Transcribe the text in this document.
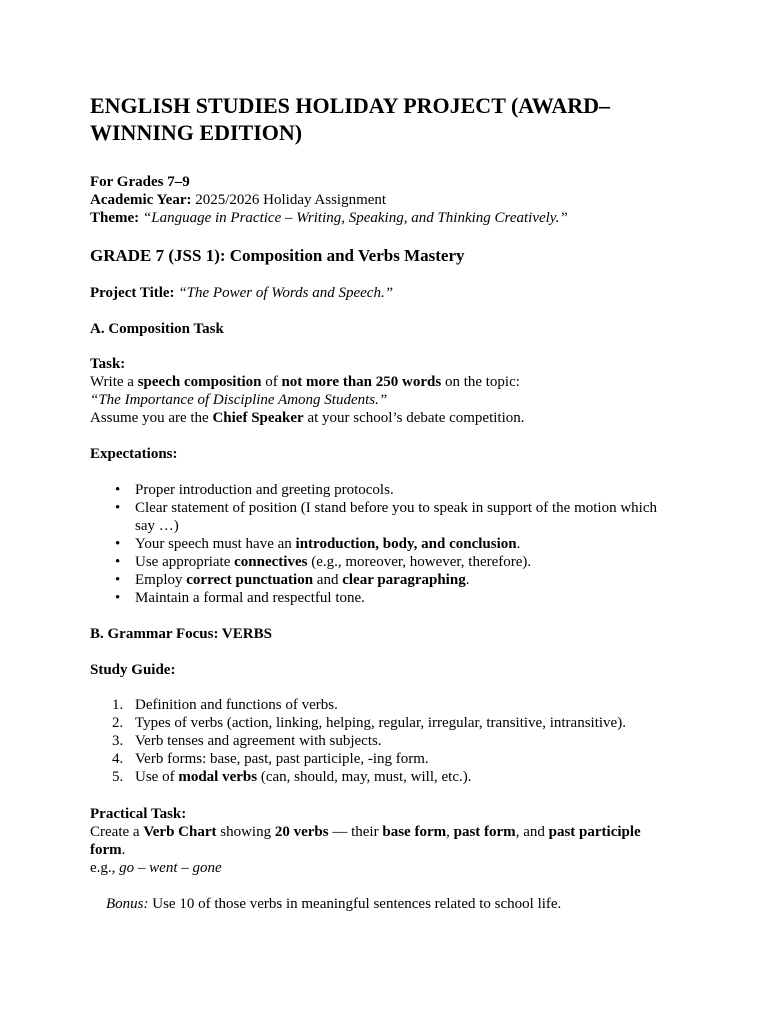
ENGLISH STUDIES HOLIDAY PROJECT (AWARD–WINNING EDITION)

For Grades 7–9

Academic Year: 2025/2026 Holiday Assignment

Theme: “Language in Practice – Writing, Speaking, and Thinking Creatively.”

GRADE 7 (JSS 1): Composition and Verbs Mastery

Project Title: “The Power of Words and Speech.”

A. Composition Task

Task:

Write a speech composition of not more than 250 words on the topic:

“The Importance of Discipline Among Students.”

Assume you are the Chief Speaker at your school’s debate competition.

Expectations:

• Proper introduction and greeting protocols.
• Clear statement of position (I stand before you to speak in support of the motion which say …)
• Your speech must have an introduction, body, and conclusion.
• Use appropriate connectives (e.g., moreover, however, therefore).
• Employ correct punctuation and clear paragraphing.
• Maintain a formal and respectful tone.

B. Grammar Focus: VERBS

Study Guide:

1. Definition and functions of verbs.
2. Types of verbs (action, linking, helping, regular, irregular, transitive, intransitive).
3. Verb tenses and agreement with subjects.
4. Verb forms: base, past, past participle, -ing form.
5. Use of modal verbs (can, should, may, must, will, etc.).

Practical Task:

Create a Verb Chart showing 20 verbs — their base form, past form, and past participle form.

e.g., go – went – gone

Bonus: Use 10 of those verbs in meaningful sentences related to school life.
